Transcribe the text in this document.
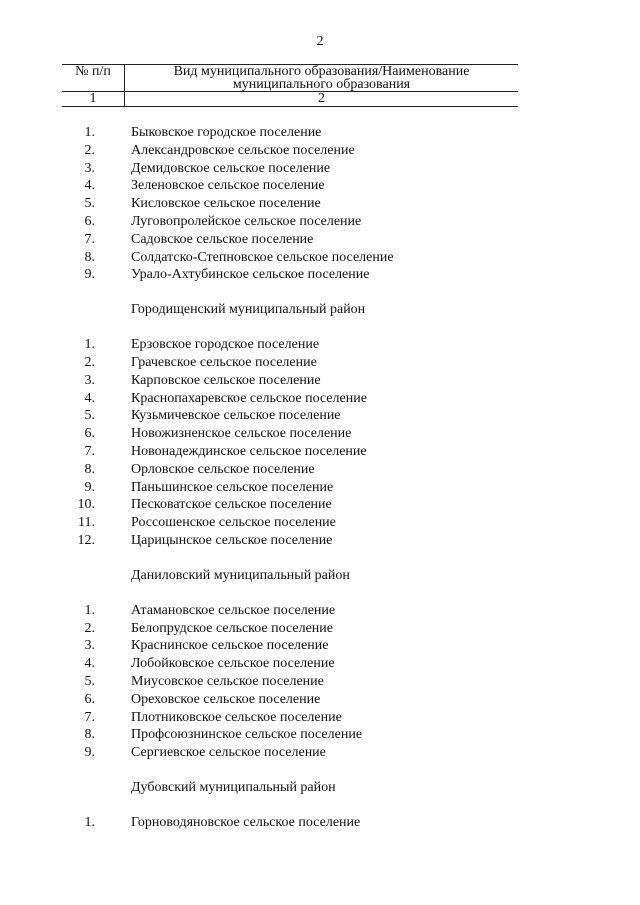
2
№ п/п	Вид муниципального образования/Наименование муниципального образования
1	2
1.	Быковское городское поселение
2.	Александровское сельское поселение
3.	Демидовское сельское поселение
4.	Зеленовское сельское поселение
5.	Кисловское сельское поселение
6.	Луговопролейское сельское поселение
7.	Садовское сельское поселение
8.	Солдатско-Степновское сельское поселение
9.	Урало-Ахтубинское сельское поселение
Городищенский муниципальный район
1.	Ерзовское городское поселение
2.	Грачевское сельское поселение
3.	Карповское сельское поселение
4.	Краснопахаревское сельское поселение
5.	Кузьмичевское сельское поселение
6.	Новожизненское сельское поселение
7.	Новонадеждинское сельское поселение
8.	Орловское сельское поселение
9.	Паньшинское сельское поселение
10.	Песковатское сельское поселение
11.	Россошенское сельское поселение
12.	Царицынское сельское поселение
Даниловский муниципальный район
1.	Атамановское сельское поселение
2.	Белопрудское сельское поселение
3.	Краснинское сельское поселение
4.	Лобойковское сельское поселение
5.	Миусовское сельское поселение
6.	Ореховское сельское поселение
7.	Плотниковское сельское поселение
8.	Профсоюзнинское сельское поселение
9.	Сергиевское сельское поселение
Дубовский муниципальный район
1.	Горноводяновское сельское поселение
